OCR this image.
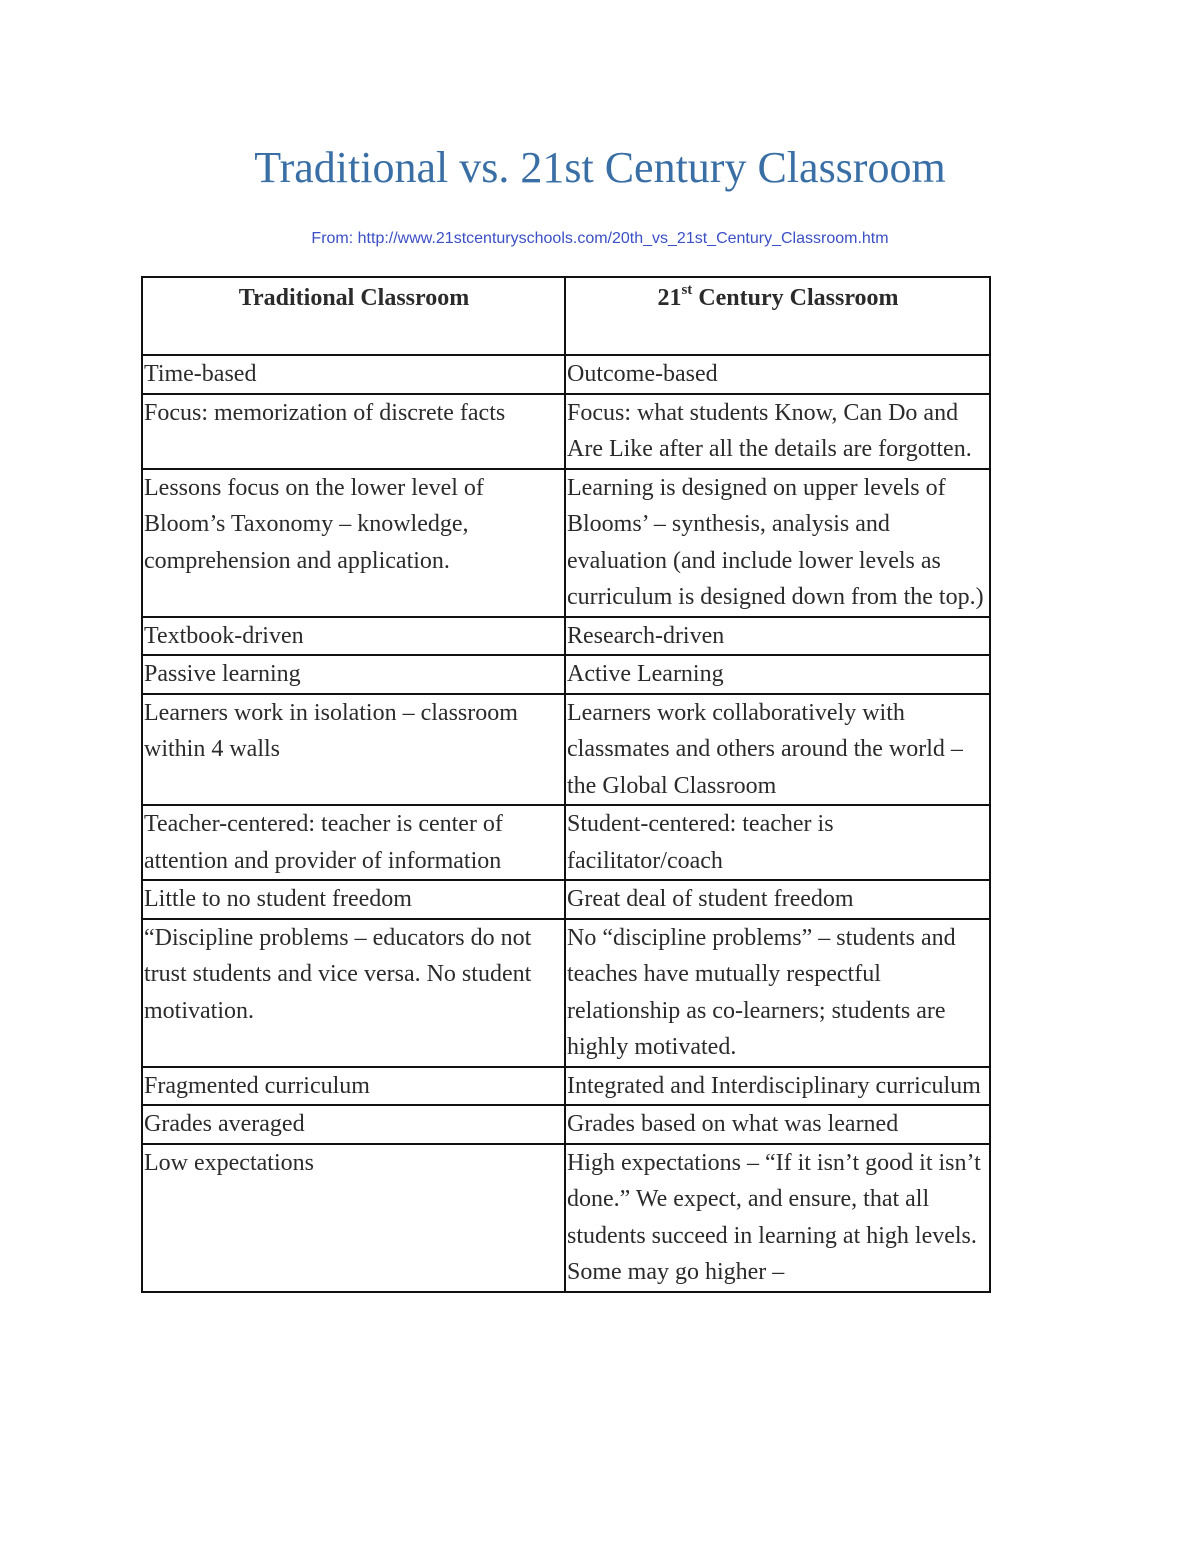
Traditional vs. 21st Century Classroom
From: http://www.21stcenturyschools.com/20th_vs_21st_Century_Classroom.htm
Traditional Classroom	21st Century Classroom
Time-based	Outcome-based
Focus: memorization of discrete facts	Focus: what students Know, Can Do and Are Like after all the details are forgotten.
Lessons focus on the lower level of Bloom’s Taxonomy – knowledge, comprehension and application.	Learning is designed on upper levels of Blooms’ – synthesis, analysis and evaluation (and include lower levels as curriculum is designed down from the top.)
Textbook-driven	Research-driven
Passive learning	Active Learning
Learners work in isolation – classroom within 4 walls	Learners work collaboratively with classmates and others around the world – the Global Classroom
Teacher-centered: teacher is center of attention and provider of information	Student-centered: teacher is facilitator/coach
Little to no student freedom	Great deal of student freedom
“Discipline problems – educators do not trust students and vice versa. No student motivation.	No “discipline problems” – students and teaches have mutually respectful relationship as co-learners; students are highly motivated.
Fragmented curriculum	Integrated and Interdisciplinary curriculum
Grades averaged	Grades based on what was learned
Low expectations	High expectations – “If it isn’t good it isn’t done.” We expect, and ensure, that all students succeed in learning at high levels. Some may go higher –
